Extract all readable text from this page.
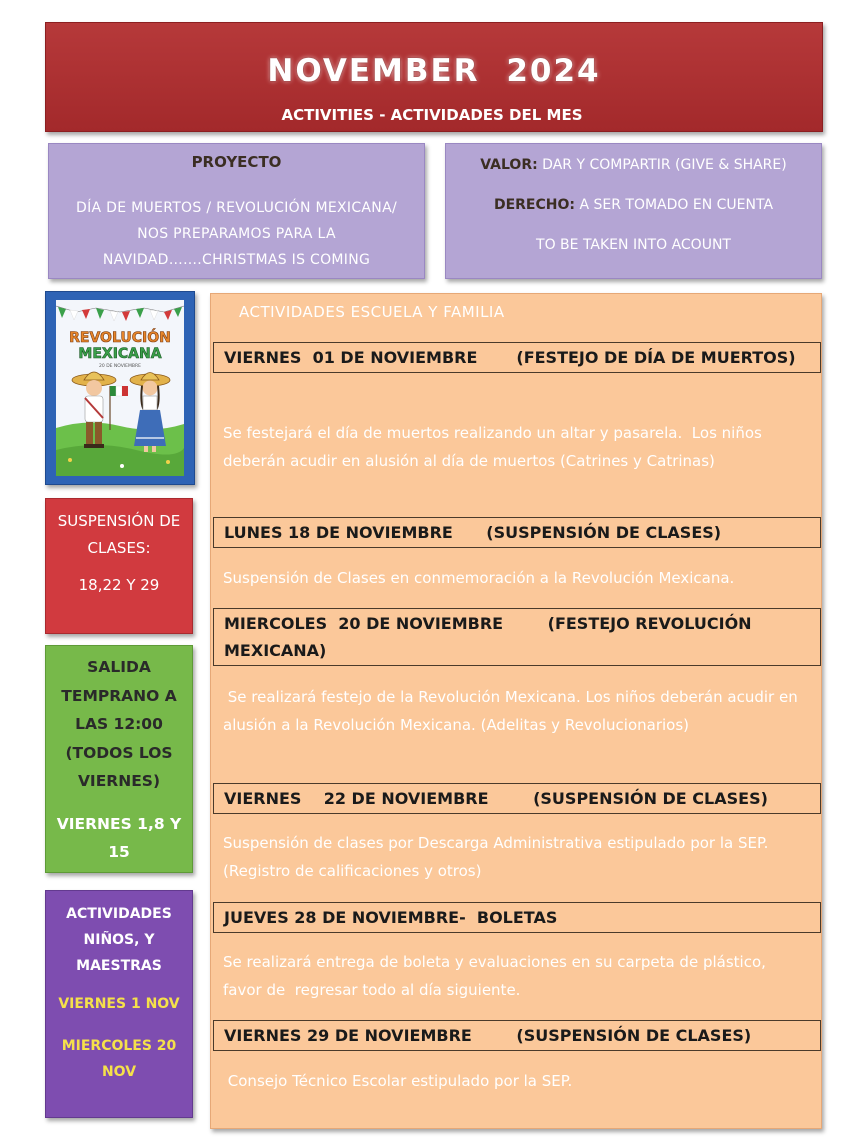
NOVEMBER 2024
ACTIVITIES - ACTIVIDADES DEL MES
PROYECTO
DÍA DE MUERTOS / REVOLUCIÓN MEXICANA/ NOS PREPARAMOS PARA LA NAVIDAD…….CHRISTMAS IS COMING
VALOR: DAR Y COMPARTIR (GIVE & SHARE)
DERECHO: A SER TOMADO EN CUENTA
TO BE TAKEN INTO ACOUNT
REVOLUCIÓN
MEXICANA
20 DE NOVIEMBRE
SUSPENSIÓN DE CLASES:
18,22 Y 29
SALIDA TEMPRANO A LAS 12:00 (TODOS LOS VIERNES)
VIERNES 1,8 Y 15
ACTIVIDADES NIÑOS, Y MAESTRAS
VIERNES 1 NOV
MIERCOLES 20 NOV
ACTIVIDADES ESCUELA Y FAMILIA
VIERNES  01 DE NOVIEMBRE       (FESTEJO DE DÍA DE MUERTOS)
Se festejará el día de muertos realizando un altar y pasarela.  Los niños deberán acudir en alusión al día de muertos (Catrines y Catrinas)
LUNES 18 DE NOVIEMBRE      (SUSPENSIÓN DE CLASES)
Suspensión de Clases en conmemoración a la Revolución Mexicana.
MIERCOLES  20 DE NOVIEMBRE        (FESTEJO REVOLUCIÓN MEXICANA)
Se realizará festejo de la Revolución Mexicana. Los niños deberán acudir en alusión a la Revolución Mexicana. (Adelitas y Revolucionarios)
VIERNES    22 DE NOVIEMBRE        (SUSPENSIÓN DE CLASES)
Suspensión de clases por Descarga Administrativa estipulado por la SEP.  (Registro de calificaciones y otros)
JUEVES 28 DE NOVIEMBRE-  BOLETAS
Se realizará entrega de boleta y evaluaciones en su carpeta de plástico, favor de  regresar todo al día siguiente.
VIERNES 29 DE NOVIEMBRE        (SUSPENSIÓN DE CLASES)
Consejo Técnico Escolar estipulado por la SEP.
